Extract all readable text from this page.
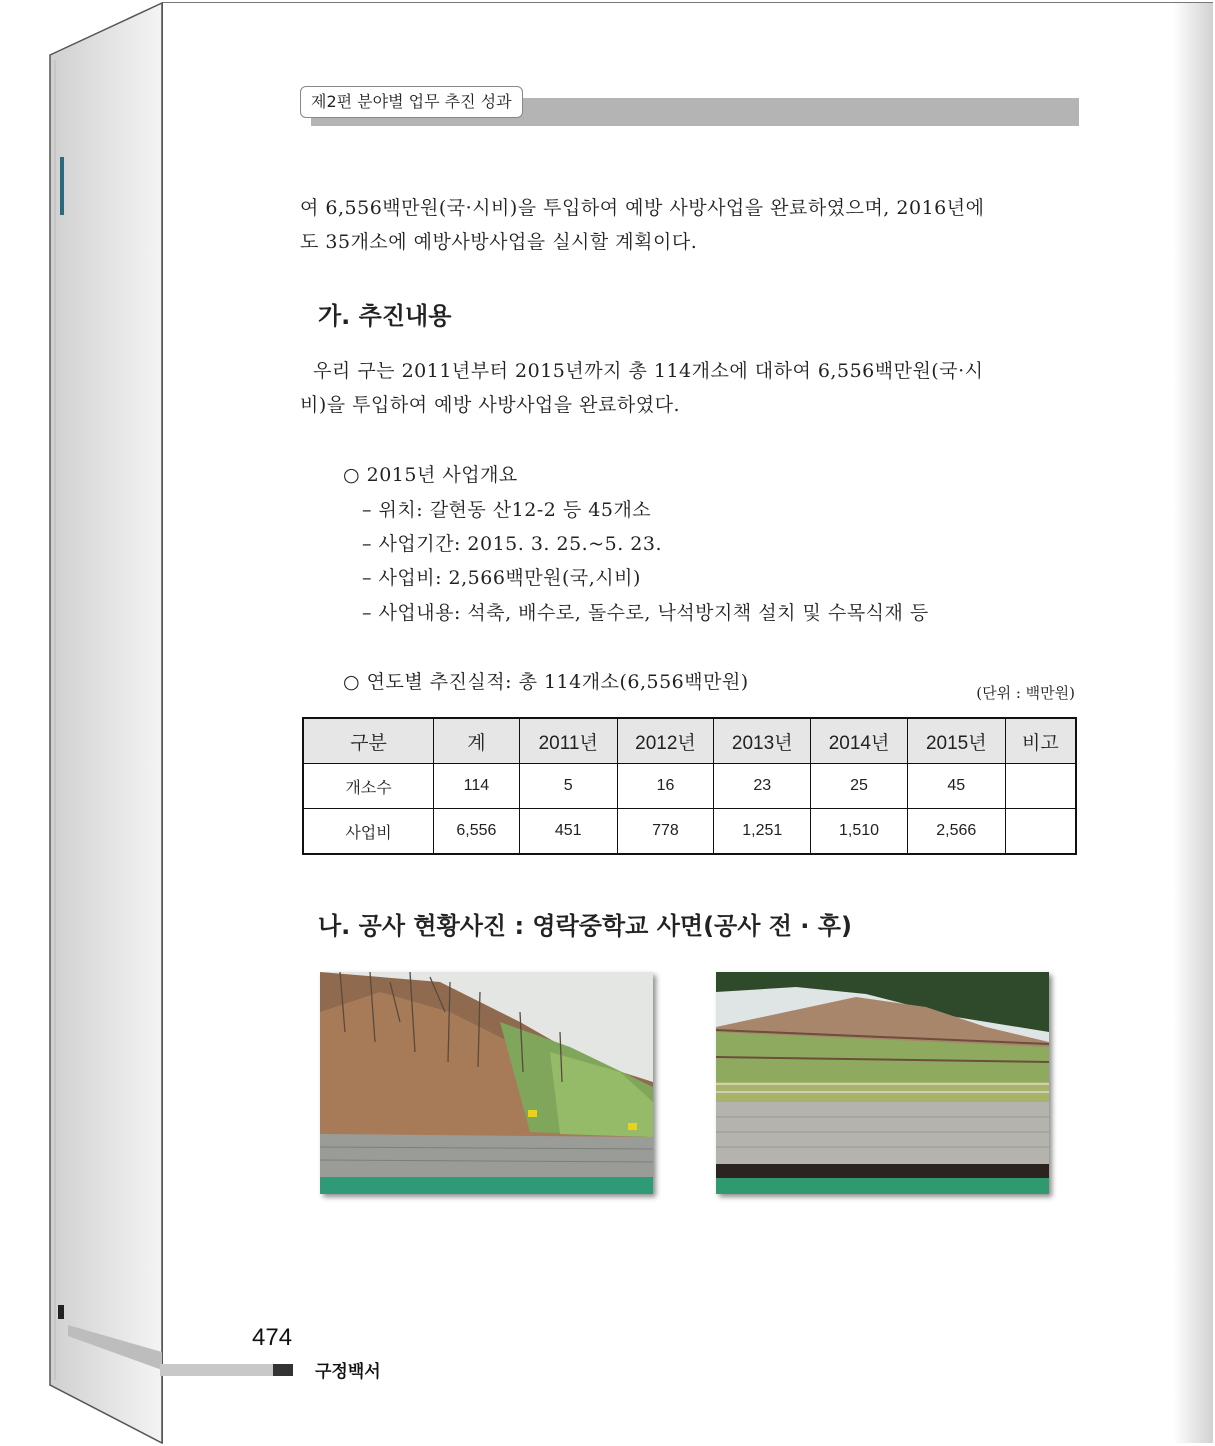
제2편 분야별 업무 추진 성과
여 6,556백만원(국·시비)을 투입하여 예방 사방사업을 완료하였으며, 2016년에
도 35개소에 예방사방사업을 실시할 계획이다.
가. 추진내용
우리 구는 2011년부터 2015년까지 총 114개소에 대하여 6,556백만원(국·시
비)을 투입하여 예방 사방사업을 완료하였다.
○ 2015년 사업개요
– 위치: 갈현동 산12-2 등 45개소
– 사업기간: 2015. 3. 25.~5. 23.
– 사업비: 2,566백만원(국,시비)
– 사업내용: 석축, 배수로, 돌수로, 낙석방지책 설치 및 수목식재 등
○ 연도별 추진실적: 총 114개소(6,556백만원)	(단위 : 백만원)
구분	계	2011년	2012년	2013년	2014년	2015년	비고
개소수	114	5	16	23	25	45	
사업비	6,556	451	778	1,251	1,510	2,566	
나. 공사 현황사진 : 영락중학교 사면(공사 전 · 후)
474
구정백서
